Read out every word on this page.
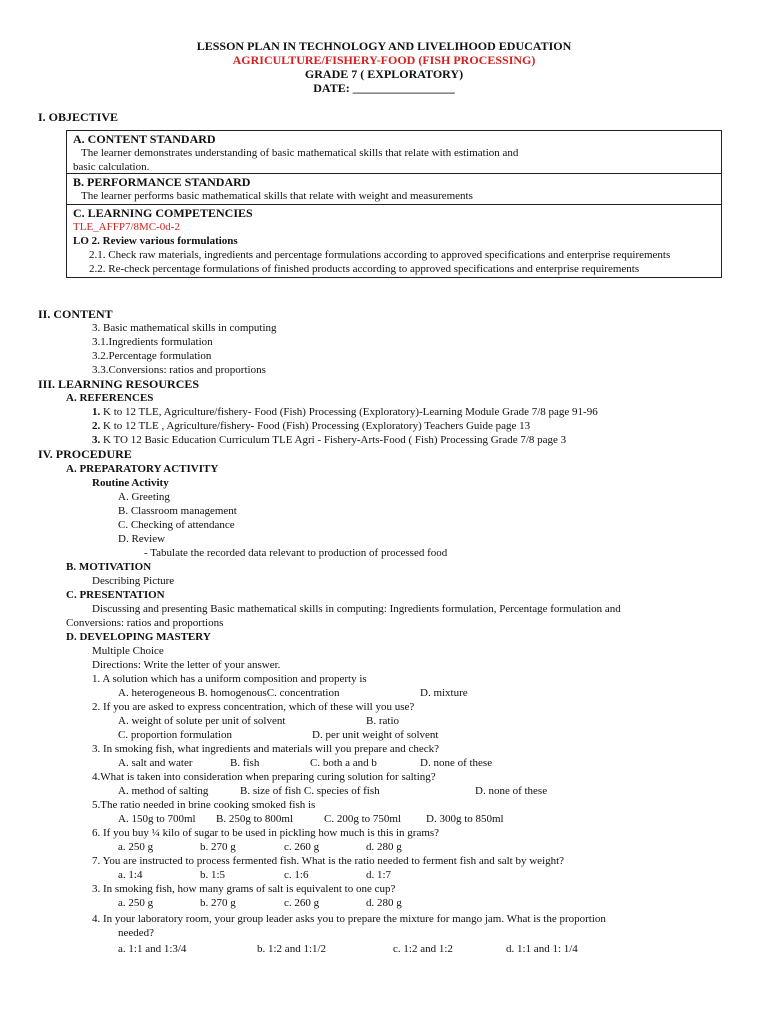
LESSON PLAN IN TECHNOLOGY AND LIVELIHOOD EDUCATION
AGRICULTURE/FISHERY-FOOD (FISH PROCESSING)
GRADE 7 ( EXPLORATORY)
DATE: _________________
I. OBJECTIVE
A. CONTENT STANDARD
The learner demonstrates understanding of basic mathematical skills that relate with estimation and
basic calculation.
B. PERFORMANCE STANDARD
The learner performs basic mathematical skills that relate with weight and measurements
C. LEARNING COMPETENCIES
TLE_AFFP7/8MC-0d-2
LO 2. Review various formulations
2.1. Check raw materials, ingredients and percentage formulations according to approved specifications and enterprise requirements
2.2. Re-check percentage formulations of finished products according to approved specifications and enterprise requirements
II. CONTENT
3. Basic mathematical skills in computing
3.1.Ingredients formulation
3.2.Percentage formulation
3.3.Conversions: ratios and proportions
III. LEARNING RESOURCES
A. REFERENCES
1. K to 12 TLE, Agriculture/fishery- Food (Fish) Processing (Exploratory)-Learning Module Grade 7/8 page 91-96
2. K to 12 TLE , Agriculture/fishery- Food (Fish) Processing (Exploratory) Teachers Guide page 13
3. K TO 12 Basic Education Curriculum TLE Agri - Fishery-Arts-Food ( Fish) Processing Grade 7/8 page 3
IV. PROCEDURE
A. PREPARATORY ACTIVITY
Routine Activity
A. Greeting
B. Classroom management
C. Checking of attendance
D. Review
- Tabulate the recorded data relevant to production of processed food
B. MOTIVATION
Describing Picture
C. PRESENTATION
Discussing and presenting Basic mathematical skills in computing: Ingredients formulation, Percentage formulation and
Conversions: ratios and proportions
D. DEVELOPING MASTERY
Multiple Choice
Directions: Write the letter of your answer.
1. A solution which has a uniform composition and property is
A. heterogeneous B. homogenousC. concentration	D. mixture
2. If you are asked to express concentration, which of these will you use?
A. weight of solute per unit of solvent	B. ratio
C. proportion formulation	D. per unit weight of solvent
3. In smoking fish, what ingredients and materials will you prepare and check?
A. salt and water	B. fish	C. both a and b	D. none of these
4.What is taken into consideration when preparing curing solution for salting?
A. method of salting	B. size of fish C. species of fish	D. none of these
5.The ratio needed in brine cooking smoked fish is
A. 150g to 700ml B. 250g to 800ml	C. 200g to 750ml D. 300g to 850ml
6. If you buy ¼ kilo of sugar to be used in pickling how much is this in grams?
a. 250 g	b. 270 g	c. 260 g	d. 280 g
7. You are instructed to process fermented fish. What is the ratio needed to ferment fish and salt by weight?
a. 1:4	b. 1:5	c. 1:6	d. 1:7
3. In smoking fish, how many grams of salt is equivalent to one cup?
a. 250 g	b. 270 g	c. 260 g	d. 280 g
4. In your laboratory room, your group leader asks you to prepare the mixture for mango jam. What is the proportion
needed?
a. 1:1 and 1:3/4	b. 1:2 and 1:1/2	c. 1:2 and 1:2	d. 1:1 and 1: 1/4
